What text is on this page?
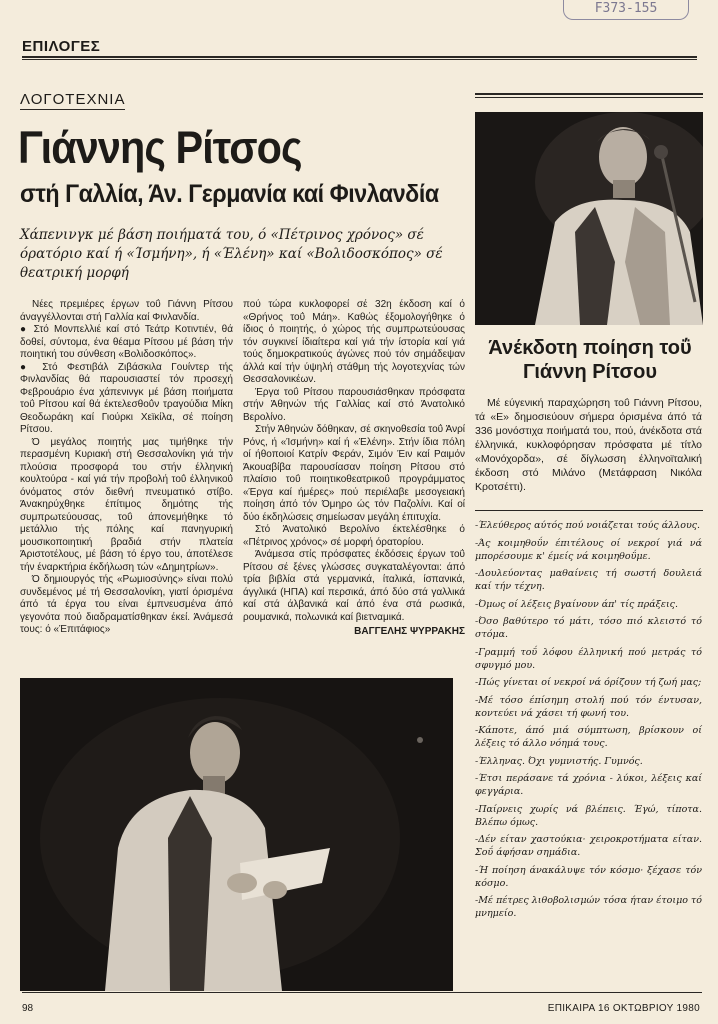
F373-155
ΕΠΙΛΟΓΕΣ
ΛΟΓΟΤΕΧΝΙΑ
Γιάννης Ρίτσος
στή Γαλλία, Άν. Γερμανία καί Φινλανδία
Χάπενινγκ μέ βάση ποιήματά του, ό «Πέτρινος χρόνος» σέ όρατόριο καί ή «Ίσμήνη», ή «Έλένη» καί «Βολιδοσκόπος» σέ θεατρική μορφή

Νέες πρεμιέρες έργων τοΰ Γιάννη Ρίτσου άναγγέλλονται στή Γαλλία καί Φινλανδία.

● Στό Μονπελλιέ καί στό Τεάτρ Κοτιντιέν, θά δοθεί, σύντομα, ένα θέαμα Ρίτσου μέ βάση τήν ποιητική του σύνθεση «Βολιδοσκόπος».

● Στό Φεστιβάλ Ζιβάσκιλα Γουίντερ τής Φινλανδίας θά παρουσιαστεί τόν προσεχή Φεβρουάριο ένα χάπενινγκ μέ βάση ποιήματα τοΰ Ρίτσου καί θά έκτελεσθοΰν τραγούδια Μίκη Θεοδωράκη καί Γιούρκι Χεϊκίλα, σέ ποίηση Ρίτσου.

Ό μεγάλος ποιητής μας τιμήθηκε τήν περασμένη Κυριακή στή Θεσσαλονίκη γιά τήν πλούσια προσφορά του στήν έλληνική κουλτούρα - καί γιά τήν προβολή τοΰ έλληνικοΰ όνόματος στόν διεθνή πνευματικό στίβο. Άνακηρύχθηκε έπίτιμος δημότης τής συμπρωτεύουσας, τοΰ άπονεμήθηκε τό μετάλλιο τής πόλης καί πανηγυρική μουσικοποιητική βραδιά στήν πλατεία Άριστοτέλους, μέ βάση τό έργο του, άποτέλεσε τήν έναρκτήρια έκδήλωση τών «Δημητρίων».

Ό δημιουργός τής «Ρωμιοσύνης» είναι πολύ συνδεμένος μέ τή Θεσσαλονίκη, γιατί όρισμένα άπό τά έργα του είναι έμπνευσμένα άπό γεγονότα πού διαδραματίσθηκαν έκεί. Άνάμεσά τους: ό «Έπιτάφιος»

πού τώρα κυκλοφορεί σέ 32η έκδοση καί ό «Θρήνος τοΰ Μάη». Καθώς έξομολογήθηκε ό ίδιος ό ποιητής, ό χώρος τής συμπρωτεύουσας τόν συγκινεί ίδιαίτερα καί γιά τήν ίστορία καί γιά τούς δημοκρατικούς άγώνες πού τόν σημάδεψαν άλλά καί τήν ύψηλή στάθμη τής λογοτεχνίας τών Θεσσαλονικέων.

Έργα τοΰ Ρίτσου παρουσιάσθηκαν πρόσφατα στήν Άθηνών τής Γαλλίας καί στό Άνατολικό Βερολίνο.

Στήν Άθηνών δόθηκαν, σέ σκηνοθεσία τοΰ Άνρί Ρόνς, ή «Ίσμήνη» καί ή «Έλένη». Στήν ίδια πόλη οί ήθοποιοί Κατρίν Φεράν, Σιμόν Έιν καί Ραιμόν Άκουαβίβα παρουσίασαν ποίηση Ρίτσου στό πλαίσιο τοΰ ποιητικοθεατρικοΰ προγράμματος «Έργα καί ήμέρες» πού περιέλαβε μεσογειακή ποίηση άπό τόν Όμηρο ώς τόν Παζολίνι. Καί οί δύο έκδηλώσεις σημείωσαν μεγάλη έπιτυχία.

Στό Άνατολικό Βερολίνο έκτελέσθηκε ό «Πέτρινος χρόνος» σέ μορφή όρατορίου.

Άνάμεσα στίς πρόσφατες έκδόσεις έργων τοΰ Ρίτσου σέ ξένες γλώσσες συγκαταλέγονται: άπό τρία βιβλία στά γερμανικά, ίταλικά, ίσπανικά, άγγλικά (ΗΠΑ) καί περσικά, άπό δύο στά γαλλικά καί στά άλβανικά καί άπό ένα στά ρωσικά, ρουμανικά, πολωνικά καί βιετναμικά.

ΒΑΓΓΕΛΗΣ ΨΥΡΡΑΚΗΣ
Άνέκδοτη ποίηση τοΰ Γιάννη Ρίτσου
Μέ εύγενική παραχώρηση τοΰ Γιάννη Ρίτσου, τά «Ε» δημοσιεύουν σήμερα όρισμένα άπό τά 336 μονόστιχα ποιήματά του, πού, άνέκδοτα στά έλληνικά, κυκλοφόρησαν πρόσφατα μέ τίτλο «Μονόχορδα», σέ δίγλωσση έλληνοϊταλική έκδοση στό Μιλάνο (Μετάφραση Νικόλα Κροτσέττι).

-Έλεύθερος αύτός πού νοιάζεται τούς άλλους.

-Άς κοιμηθοΰν έπιτέλους οί νεκροί γιά νά μπορέσουμε κ' έμείς νά κοιμηθοΰμε.

-Δουλεύοντας μαθαίνεις τή σωστή δουλειά καί τήν τέχνη.

-Όμως οί λέξεις βγαίνουν άπ' τίς πράξεις.

-Όσο βαθύτερο τό μάτι, τόσο πιό κλειστό τό στόμα.

-Γραμμή τοΰ λόφου έλληνική πού μετράς τό σφυγμό μου.

-Πώς γίνεται οί νεκροί νά όρίζουν τή ζωή μας;

-Μέ τόσο έπίσημη στολή πού τόν έντυσαν, κοντεύει νά χάσει τή φωνή του.

-Κάποτε, άπό μιά σύμπτωση, βρίσκουν οί λέξεις τό άλλο νόημά τους.

-Έλληνας. Όχι γυμνιστής. Γυμνός.

-Έτσι περάσανε τά χρόνια - λύκοι, λέξεις καί φεγγάρια.

-Παίρνεις χωρίς νά βλέπεις. Έγώ, τίποτα. Βλέπω όμως.

-Δέν είταν χαστούκια· χειροκροτήματα είταν. Σοΰ άφήσαν σημάδια.

-Ή ποίηση άνακάλυψε τόν κόσμο· ξέχασε τόν κόσμο.

-Μέ πέτρες λιθοβολισμών τόσα ήταν έτοιμο τό μνημείο.

98	ΕΠΙΚΑΙΡΑ 16 ΟΚΤΩΒΡΙΟΥ 1980
